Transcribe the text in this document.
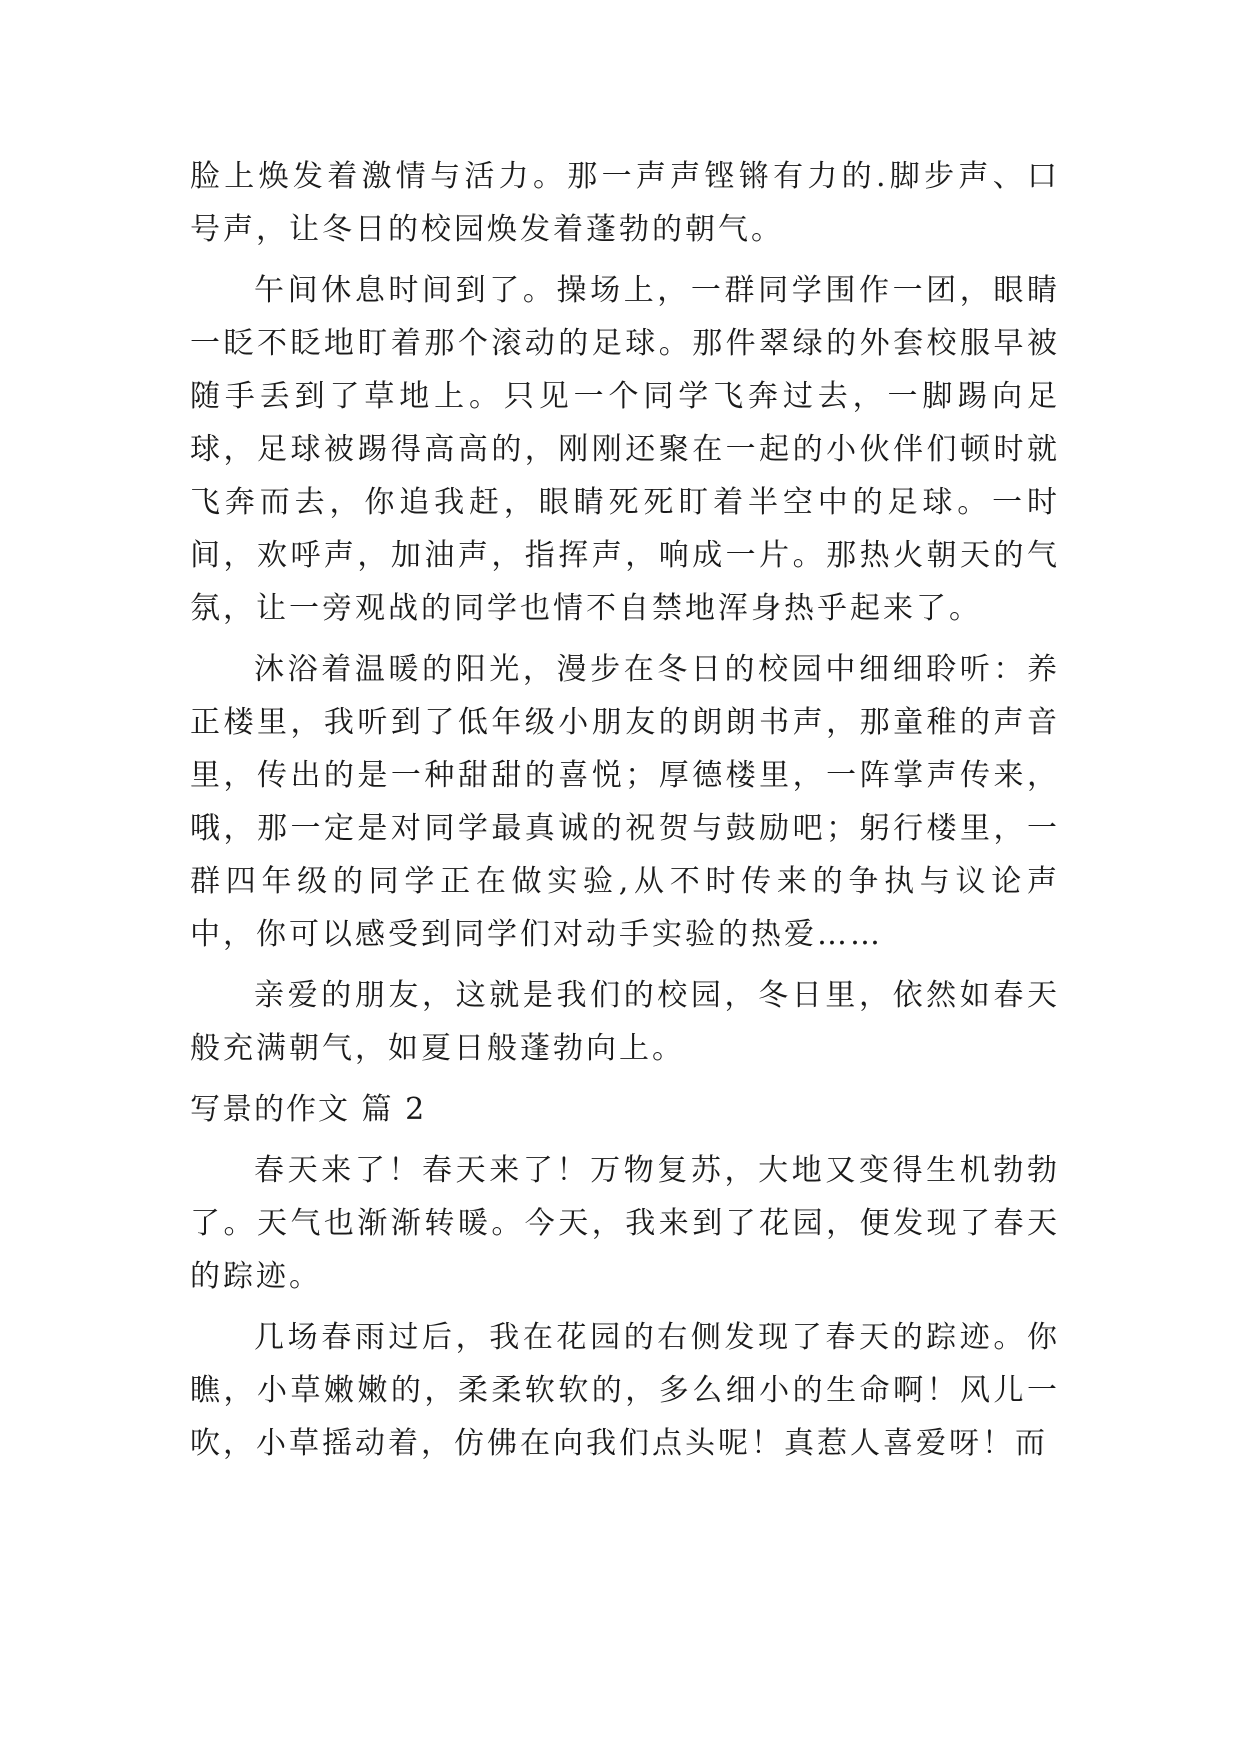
脸上焕发着激情与活力。那一声声铿锵有力的.脚步声、口号声，让冬日的校园焕发着蓬勃的朝气。

午间休息时间到了。操场上，一群同学围作一团，眼睛一眨不眨地盯着那个滚动的足球。那件翠绿的外套校服早被随手丢到了草地上。只见一个同学飞奔过去，一脚踢向足球，足球被踢得高高的，刚刚还聚在一起的小伙伴们顿时就飞奔而去，你追我赶，眼睛死死盯着半空中的足球。一时间，欢呼声，加油声，指挥声，响成一片。那热火朝天的气氛，让一旁观战的同学也情不自禁地浑身热乎起来了。

沐浴着温暖的阳光，漫步在冬日的校园中细细聆听：养正楼里，我听到了低年级小朋友的朗朗书声，那童稚的声音里，传出的是一种甜甜的喜悦；厚德楼里，一阵掌声传来，哦，那一定是对同学最真诚的祝贺与鼓励吧；躬行楼里，一群四年级的同学正在做实验,从不时传来的争执与议论声中，你可以感受到同学们对动手实验的热爱……

亲爱的朋友，这就是我们的校园，冬日里，依然如春天般充满朝气，如夏日般蓬勃向上。

写景的作文 篇 2

春天来了！春天来了！万物复苏，大地又变得生机勃勃了。天气也渐渐转暖。今天，我来到了花园，便发现了春天的踪迹。

几场春雨过后，我在花园的右侧发现了春天的踪迹。你瞧，小草嫩嫩的，柔柔软软的，多么细小的生命啊！风儿一吹，小草摇动着，仿佛在向我们点头呢！真惹人喜爱呀！而
